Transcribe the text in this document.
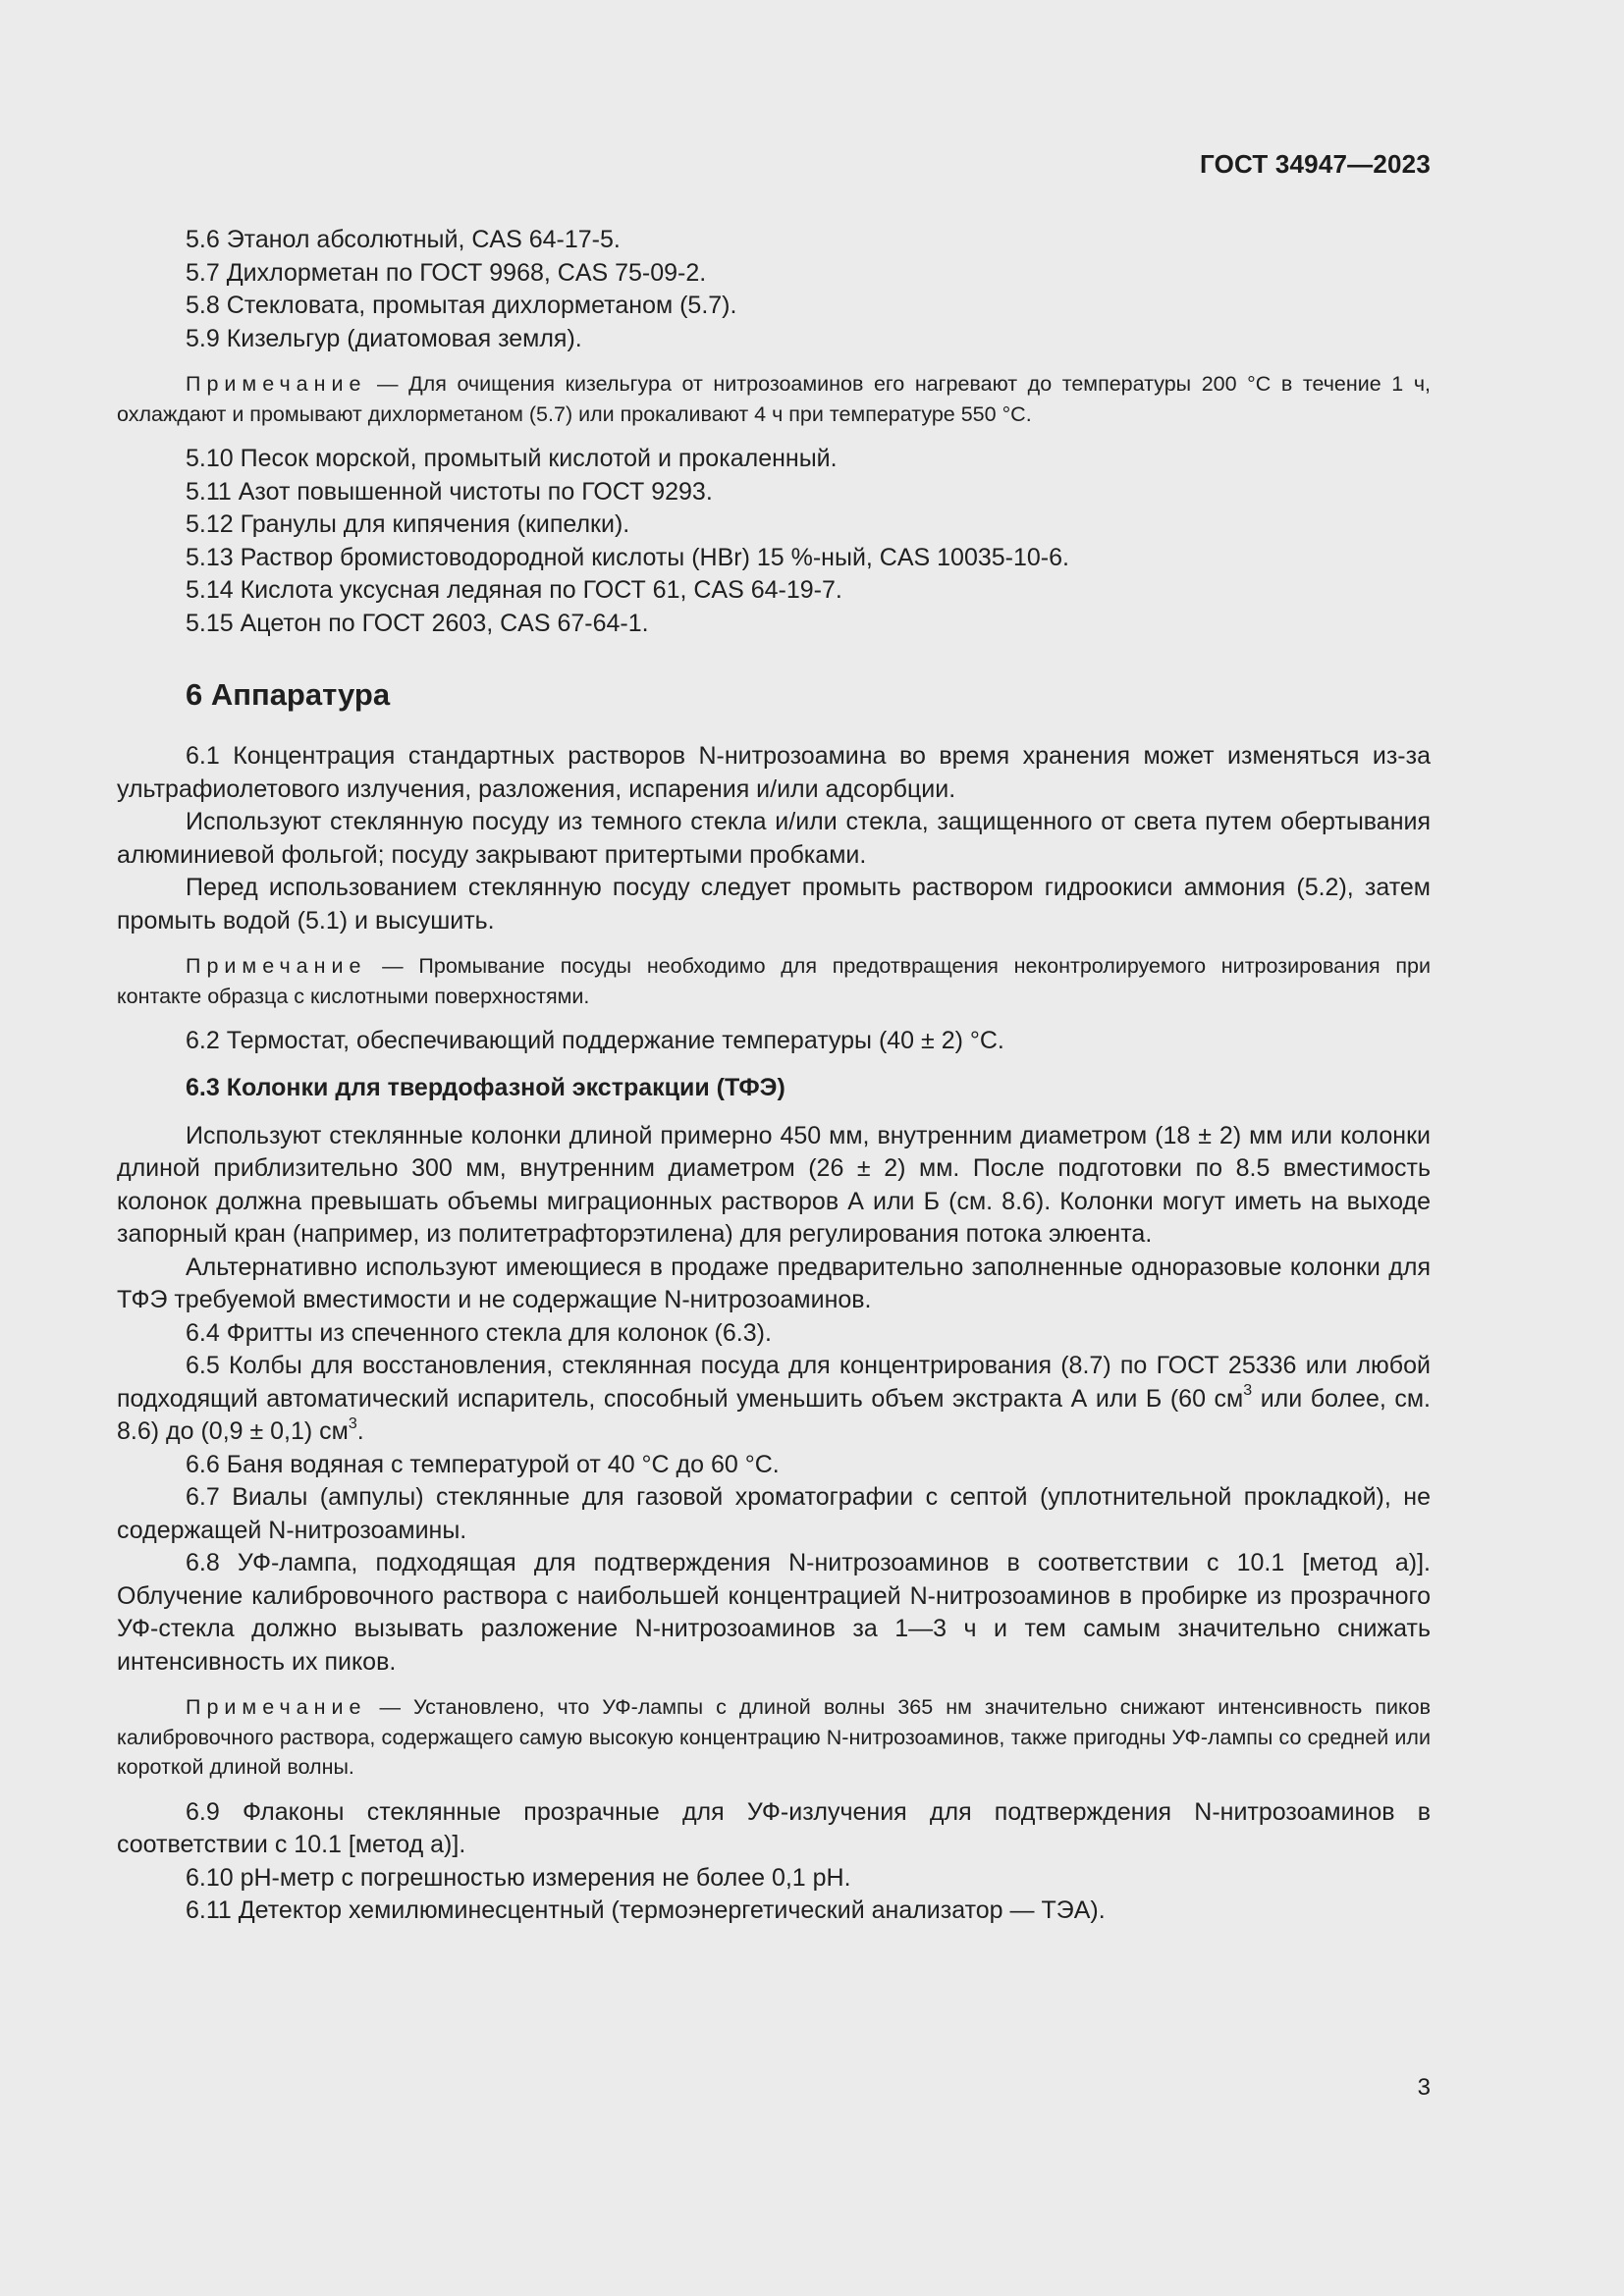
ГОСТ 34947—2023

5.6 Этанол абсолютный, CAS 64-17-5.

5.7 Дихлорметан по ГОСТ 9968, CAS 75-09-2.

5.8 Стекловата, промытая дихлорметаном (5.7).

5.9 Кизельгур (диатомовая земля).

Примечание — Для очищения кизельгура от нитрозоаминов его нагревают до температуры 200 °C в течение 1 ч, охлаждают и промывают дихлорметаном (5.7) или прокаливают 4 ч при температуре 550 °C.

5.10 Песок морской, промытый кислотой и прокаленный.

5.11 Азот повышенной чистоты по ГОСТ 9293.

5.12 Гранулы для кипячения (кипелки).

5.13 Раствор бромистоводородной кислоты (HBr) 15 %-ный, CAS 10035-10-6.

5.14 Кислота уксусная ледяная по ГОСТ 61, CAS 64-19-7.

5.15 Ацетон по ГОСТ 2603, CAS 67-64-1.

6 Аппаратура

6.1 Концентрация стандартных растворов N-нитрозоамина во время хранения может изменяться из-за ультрафиолетового излучения, разложения, испарения и/или адсорбции.

Используют стеклянную посуду из темного стекла и/или стекла, защищенного от света путем обертывания алюминиевой фольгой; посуду закрывают притертыми пробками.

Перед использованием стеклянную посуду следует промыть раствором гидроокиси аммония (5.2), затем промыть водой (5.1) и высушить.

Примечание — Промывание посуды необходимо для предотвращения неконтролируемого нитрозирования при контакте образца с кислотными поверхностями.

6.2 Термостат, обеспечивающий поддержание температуры (40 ± 2) °C.

6.3 Колонки для твердофазной экстракции (ТФЭ)

Используют стеклянные колонки длиной примерно 450 мм, внутренним диаметром (18 ± 2) мм или колонки длиной приблизительно 300 мм, внутренним диаметром (26 ± 2) мм. После подготовки по 8.5 вместимость колонок должна превышать объемы миграционных растворов А или Б (см. 8.6). Колонки могут иметь на выходе запорный кран (например, из политетрафторэтилена) для регулирования потока элюента.

Альтернативно используют имеющиеся в продаже предварительно заполненные одноразовые колонки для ТФЭ требуемой вместимости и не содержащие N-нитрозоаминов.

6.4 Фритты из спеченного стекла для колонок (6.3).

6.5 Колбы для восстановления, стеклянная посуда для концентрирования (8.7) по ГОСТ 25336 или любой подходящий автоматический испаритель, способный уменьшить объем экстракта А или Б (60 $см^3$ или более, см. 8.6) до (0,9 ± 0,1) $см^3$.

6.6 Баня водяная с температурой от 40 °C до 60 °C.

6.7 Виалы (ампулы) стеклянные для газовой хроматографии с септой (уплотнительной прокладкой), не содержащей N-нитрозоамины.

6.8 УФ-лампа, подходящая для подтверждения N-нитрозоаминов в соответствии с 10.1 [метод а)]. Облучение калибровочного раствора с наибольшей концентрацией N-нитрозоаминов в пробирке из прозрачного УФ-стекла должно вызывать разложение N-нитрозоаминов за 1—3 ч и тем самым значительно снижать интенсивность их пиков.

Примечание — Установлено, что УФ-лампы с длиной волны 365 нм значительно снижают интенсивность пиков калибровочного раствора, содержащего самую высокую концентрацию N-нитрозоаминов, также пригодны УФ-лампы со средней или короткой длиной волны.

6.9 Флаконы стеклянные прозрачные для УФ-излучения для подтверждения N-нитрозоаминов в соответствии с 10.1 [метод а)].

6.10 pH-метр с погрешностью измерения не более 0,1 pH.

6.11 Детектор хемилюминесцентный (термоэнергетический анализатор — ТЭА).

3
